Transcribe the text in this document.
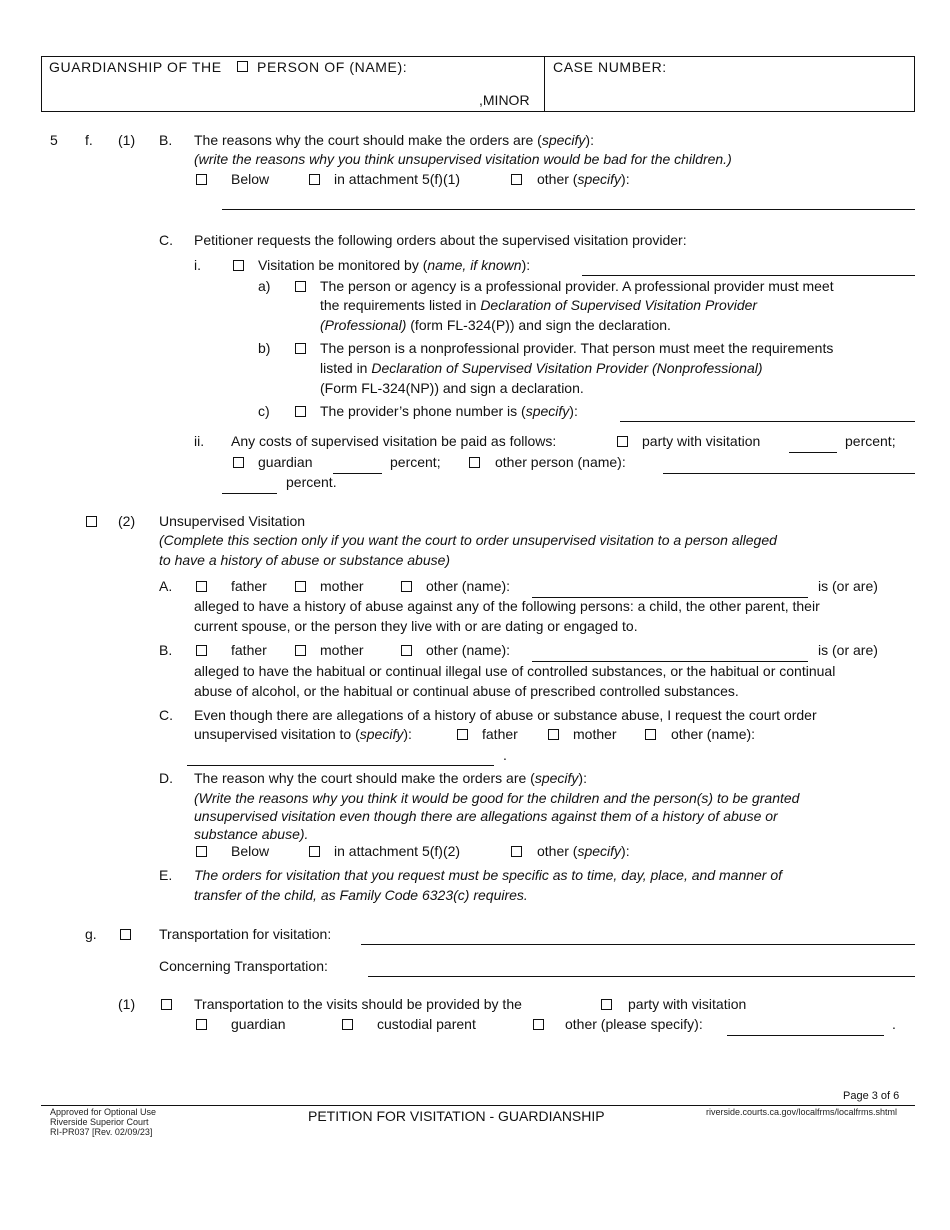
GUARDIANSHIP OF THE	PERSON OF (NAME):
,MINOR
CASE NUMBER:
5 f. (1) B. The reasons why the court should make the orders are (specify):
(write the reasons why you think unsupervised visitation would be bad for the children.)
Below	in attachment 5(f)(1)	other (specify):
C. Petitioner requests the following orders about the supervised visitation provider:
i.	Visitation be monitored by (name, if known):
a)	The person or agency is a professional provider. A professional provider must meet
the requirements listed in Declaration of Supervised Visitation Provider
(Professional) (form FL-324(P)) and sign the declaration.
b)	The person is a nonprofessional provider. That person must meet the requirements
listed in Declaration of Supervised Visitation Provider (Nonprofessional)
(Form FL-324(NP)) and sign a declaration.
c)	The provider’s phone number is (specify):
ii. Any costs of supervised visitation be paid as follows:	party with visitation	percent;
guardian	percent;	other person (name):
percent.
(2) Unsupervised Visitation
(Complete this section only if you want the court to order unsupervised visitation to a person alleged
to have a history of abuse or substance abuse)
A.	father	mother	other (name):	is (or are)
alleged to have a history of abuse against any of the following persons: a child, the other parent, their
current spouse, or the person they live with or are dating or engaged to.
B.	father	mother	other (name):	is (or are)
alleged to have the habitual or continual illegal use of controlled substances, or the habitual or continual
abuse of alcohol, or the habitual or continual abuse of prescribed controlled substances.
C. Even though there are allegations of a history of abuse or substance abuse, I request the court order
unsupervised visitation to (specify):	father	mother	other (name):
.
D. The reason why the court should make the orders are (specify):
(Write the reasons why you think it would be good for the children and the person(s) to be granted
unsupervised visitation even though there are allegations against them of a history of abuse or
substance abuse).
Below	in attachment 5(f)(2)	other (specify):
E. The orders for visitation that you request must be specific as to time, day, place, and manner of
transfer of the child, as Family Code 6323(c) requires.
g.	Transportation for visitation:
Concerning Transportation:
(1)	Transportation to the visits should be provided by the	party with visitation
guardian	custodial parent	other (please specify):	.
Page 3 of 6
Approved for Optional Use
Riverside Superior Court
RI-PR037 [Rev. 02/09/23]
PETITION FOR VISITATION - GUARDIANSHIP	riverside.courts.ca.gov/localfrms/localfrms.shtml
